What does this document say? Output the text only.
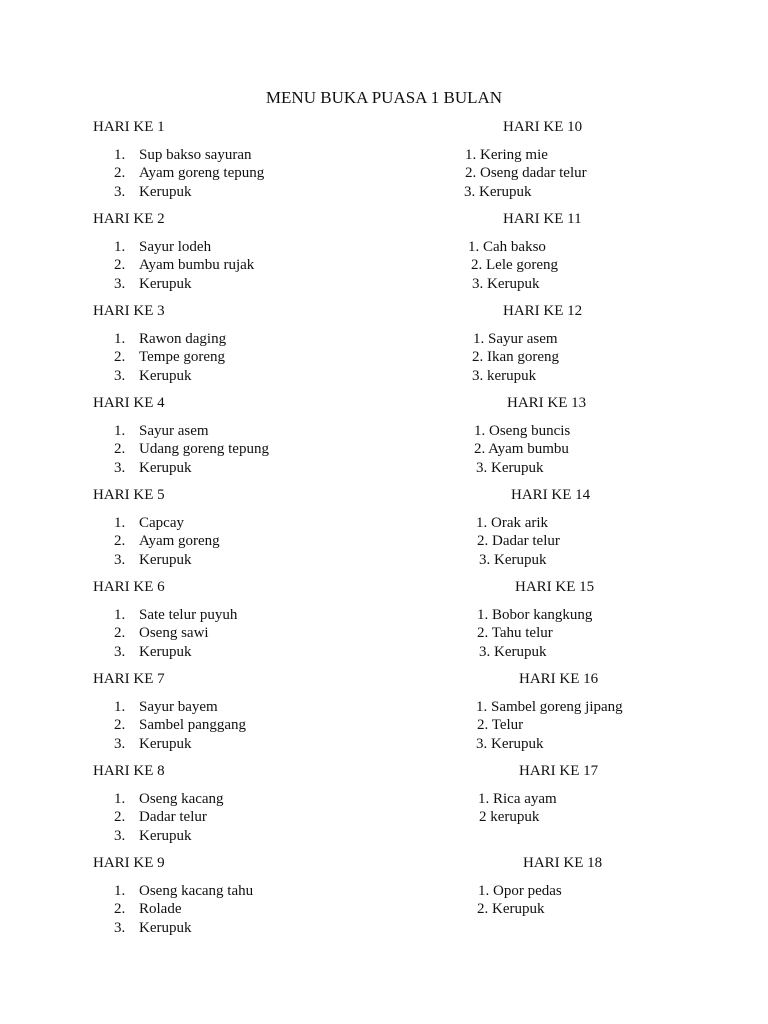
MENU BUKA PUASA 1 BULAN
HARI KE 1
1. Sup bakso sayuran
2. Ayam goreng tepung
3. Kerupuk
HARI KE 2
1. Sayur lodeh
2. Ayam bumbu rujak
3. Kerupuk
HARI KE 3
1. Rawon daging
2. Tempe goreng
3. Kerupuk
HARI KE 4
1. Sayur asem
2. Udang goreng tepung
3. Kerupuk
HARI KE 5
1. Capcay
2. Ayam goreng
3. Kerupuk
HARI KE 6
1. Sate telur puyuh
2. Oseng sawi
3. Kerupuk
HARI KE 7
1. Sayur bayem
2. Sambel panggang
3. Kerupuk
HARI KE 8
1. Oseng kacang
2. Dadar telur
3. Kerupuk
HARI KE 9
1. Oseng kacang tahu
2. Rolade
3. Kerupuk
HARI KE 10
1. Kering mie
2. Oseng dadar telur
3. Kerupuk
HARI KE 11
1. Cah bakso
2. Lele goreng
3. Kerupuk
HARI KE 12
1. Sayur asem
2. Ikan goreng
3. kerupuk
HARI KE 13
1. Oseng buncis
2. Ayam bumbu
3. Kerupuk
HARI KE 14
1. Orak arik
2. Dadar telur
3. Kerupuk
HARI KE 15
1. Bobor kangkung
2. Tahu telur
3. Kerupuk
HARI KE 16
1. Sambel goreng jipang
2. Telur
3. Kerupuk
HARI KE 17
1. Rica ayam
2 kerupuk
HARI KE 18
1. Opor pedas
2. Kerupuk
